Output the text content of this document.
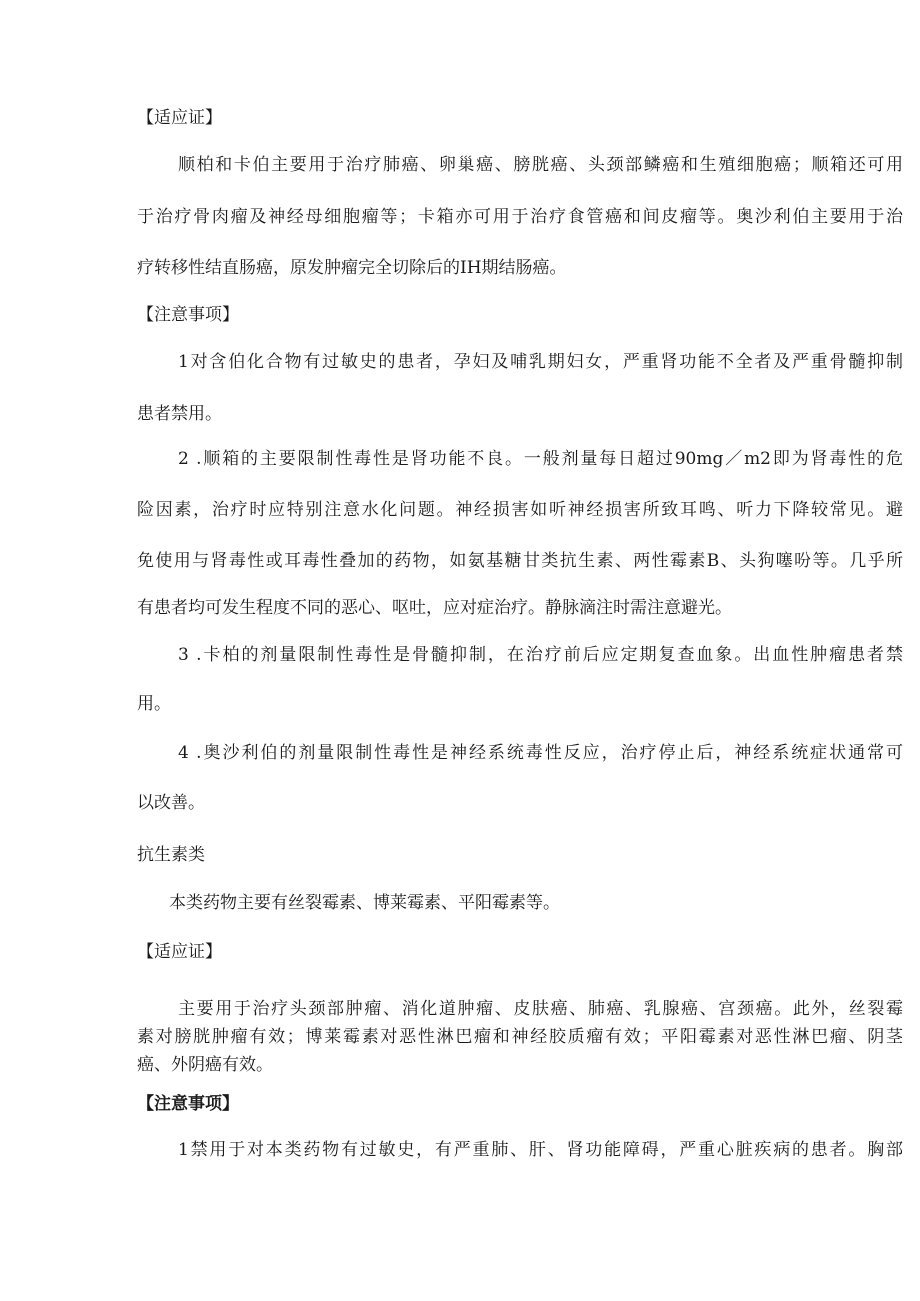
【适应证】
顺柏和卡伯主要用于治疗肺癌、卵巢癌、膀胱癌、头颈部鳞癌和生殖细胞癌；顺箱还可用
于治疗骨肉瘤及神经母细胞瘤等；卡箱亦可用于治疗食管癌和间皮瘤等。奥沙利伯主要用于治
疗转移性结直肠癌，原发肿瘤完全切除后的IH期结肠癌。
【注意事项】
1对含伯化合物有过敏史的患者，孕妇及哺乳期妇女，严重肾功能不全者及严重骨髓抑制
患者禁用。
2 .顺箱的主要限制性毒性是肾功能不良。一般剂量每日超过90mg／m2即为肾毒性的危
险因素，治疗时应特别注意水化问题。神经损害如听神经损害所致耳鸣、听力下降较常见。避
免使用与肾毒性或耳毒性叠加的药物，如氨基糖甘类抗生素、两性霉素B、头狗噻吩等。几乎所
有患者均可发生程度不同的恶心、呕吐，应对症治疗。静脉滴注时需注意避光。
3 .卡柏的剂量限制性毒性是骨髓抑制，在治疗前后应定期复查血象。出血性肿瘤患者禁
用。
4 .奥沙利伯的剂量限制性毒性是神经系统毒性反应，治疗停止后，神经系统症状通常可
以改善。
抗生素类
本类药物主要有丝裂霉素、博莱霉素、平阳霉素等。
【适应证】
主要用于治疗头颈部肿瘤、消化道肿瘤、皮肤癌、肺癌、乳腺癌、宫颈癌。此外，丝裂霉
素对膀胱肿瘤有效；博莱霉素对恶性淋巴瘤和神经胶质瘤有效；平阳霉素对恶性淋巴瘤、阴茎
癌、外阴癌有效。
【注意事项】
1禁用于对本类药物有过敏史，有严重肺、肝、肾功能障碍，严重心脏疾病的患者。胸部
